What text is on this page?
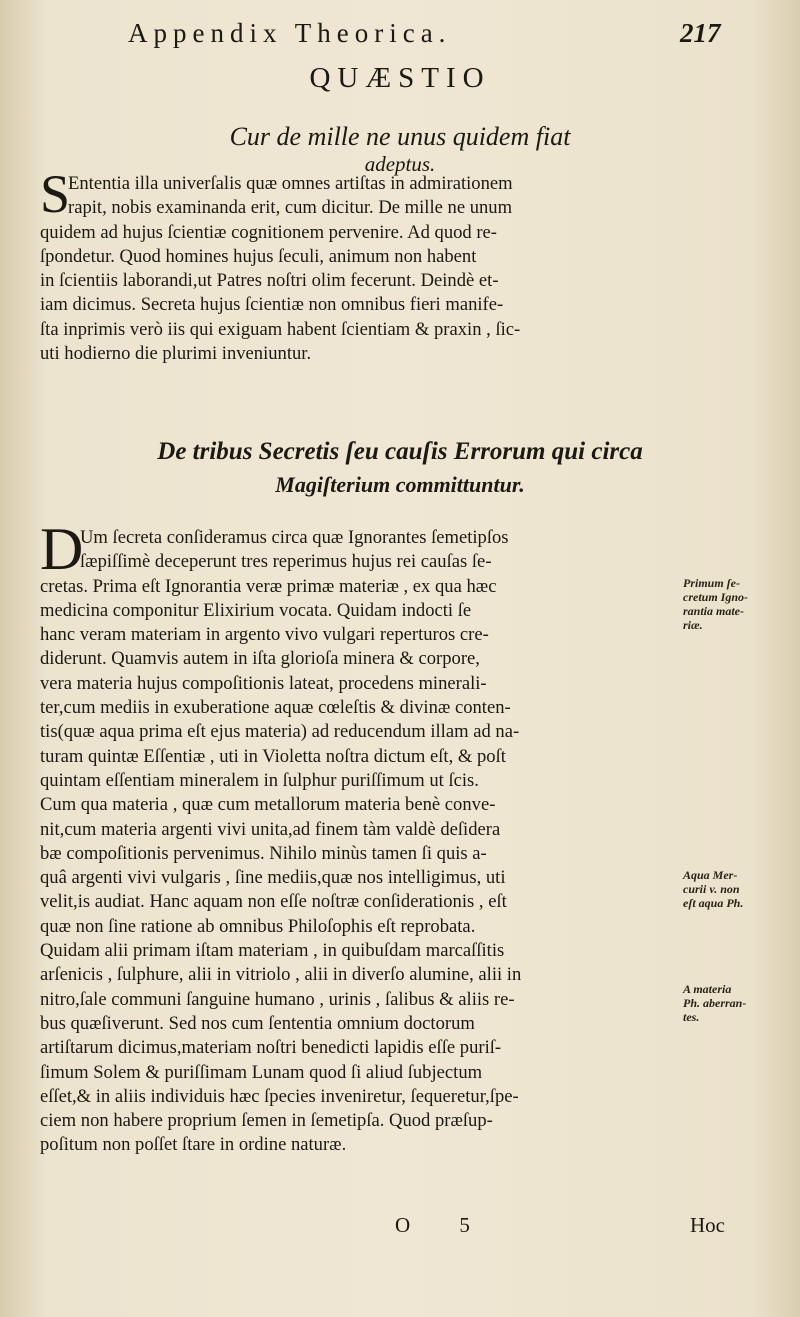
Appendix Theorica.	217
QUÆSTIO
Cur de mille ne unus quidem fiat
adeptus.
S
Ententia illa univerſalis quæ omnes artiſtas in admirationem
rapit, nobis examinanda erit, cum dicitur. De mille ne unum
quidem ad hujus ſcientiæ cognitionem pervenire. Ad quod re-
ſpondetur. Quod homines hujus ſeculi, animum non habent
in ſcientiis laborandi,ut Patres noſtri olim fecerunt. Deindè et-
iam dicimus. Secreta hujus ſcientiæ non omnibus fieri manife-
ſta inprimis verò iis qui exiguam habent ſcientiam & praxin , ſic-
uti hodierno die plurimi inveniuntur.
De tribus Secretis ſeu cauſis Errorum qui circa
Magiſterium committuntur.
D
Um ſecreta conſideramus circa quæ Ignorantes ſemetipſos
ſæpiſſimè deceperunt tres reperimus hujus rei cauſas ſe-
cretas. Prima eſt Ignorantia veræ primæ materiæ , ex qua hæc
medicina componitur Elixirium vocata. Quidam indocti ſe
hanc veram materiam in argento vivo vulgari reperturos cre-
diderunt. Quamvis autem in iſta glorioſa minera & corpore,
vera materia hujus compoſitionis lateat, procedens minerali-
ter,cum mediis in exuberatione aquæ cœleſtis & divinæ conten-
tis(quæ aqua prima eſt ejus materia) ad reducendum illam ad na-
turam quintæ Eſſentiæ , uti in Violetta noſtra dictum eſt, & poſt
quintam eſſentiam mineralem in ſulphur puriſſimum ut ſcis.
Cum qua materia , quæ cum metallorum materia benè conve-
nit,cum materia argenti vivi unita,ad finem tàm valdè deſidera
bæ compoſitionis pervenimus. Nihilo minùs tamen ſi quis a-
quâ argenti vivi vulgaris , ſine mediis,quæ nos intelligimus, uti
velit,is audiat. Hanc aquam non eſſe noſtræ conſiderationis , eſt
quæ non ſine ratione ab omnibus Philoſophis eſt reprobata.
Quidam alii primam iſtam materiam , in quibuſdam marcaſſitis
arſenicis , ſulphure, alii in vitriolo , alii in diverſo alumine, alii in
nitro,ſale communi ſanguine humano , urinis , ſalibus & aliis re-
bus quæſiverunt. Sed nos cum ſententia omnium doctorum
artiſtarum dicimus,materiam noſtri benedicti lapidis eſſe puriſ-
ſimum Solem & puriſſimam Lunam quod ſi aliud ſubjectum
eſſet,& in aliis individuis hæc ſpecies inveniretur, ſequeretur,ſpe-
ciem non habere proprium ſemen in ſemetipſa. Quod præſup-
poſitum non poſſet ſtare in ordine naturæ.
Primum ſe-
cretum Igno-
rantia mate-
riæ.
Aqua Mer-
curii v. non
eſt aqua Ph.
A materia
Ph. aberran-
tes.
O 5	Hoc
